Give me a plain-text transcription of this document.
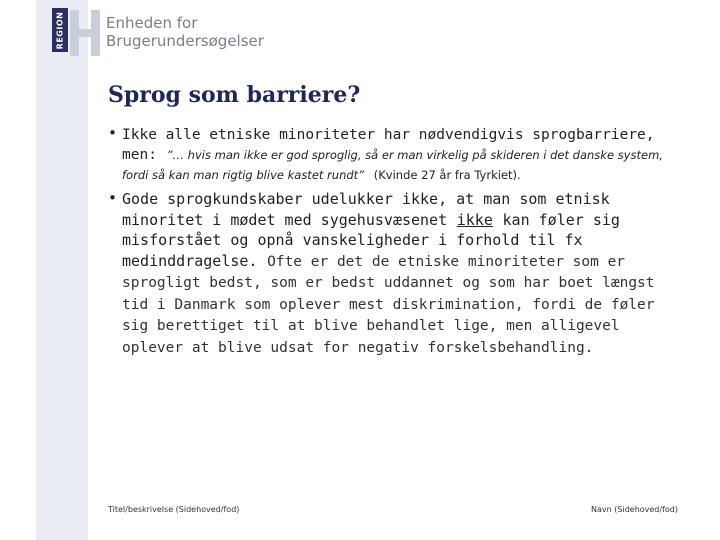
REGION	Enheden for
Brugerundersøgelser
Sprog som barriere?
• Ikke alle etniske minoriteter har nødvendigvis sprogbarriere, men: ”… hvis man ikke er god sproglig, så er man virkelig på skideren i det danske system, fordi så kan man rigtig blive kastet rundt” (Kvinde 27 år fra Tyrkiet).
• Gode sprogkundskaber udelukker ikke, at man som etnisk minoritet i mødet med sygehusvæsenet ikke kan føler sig misforstået og opnå vanskeligheder i forhold til fx medinddragelse. Ofte er det de etniske minoriteter som er sprogligt bedst, som er bedst uddannet og som har boet længst tid i Danmark som oplever mest diskrimination, fordi de føler sig berettiget til at blive behandlet lige, men alligevel oplever at blive udsat for negativ forskelsbehandling.
Titel/beskrivelse (Sidehoved/fod)	Navn (Sidehoved/fod)
